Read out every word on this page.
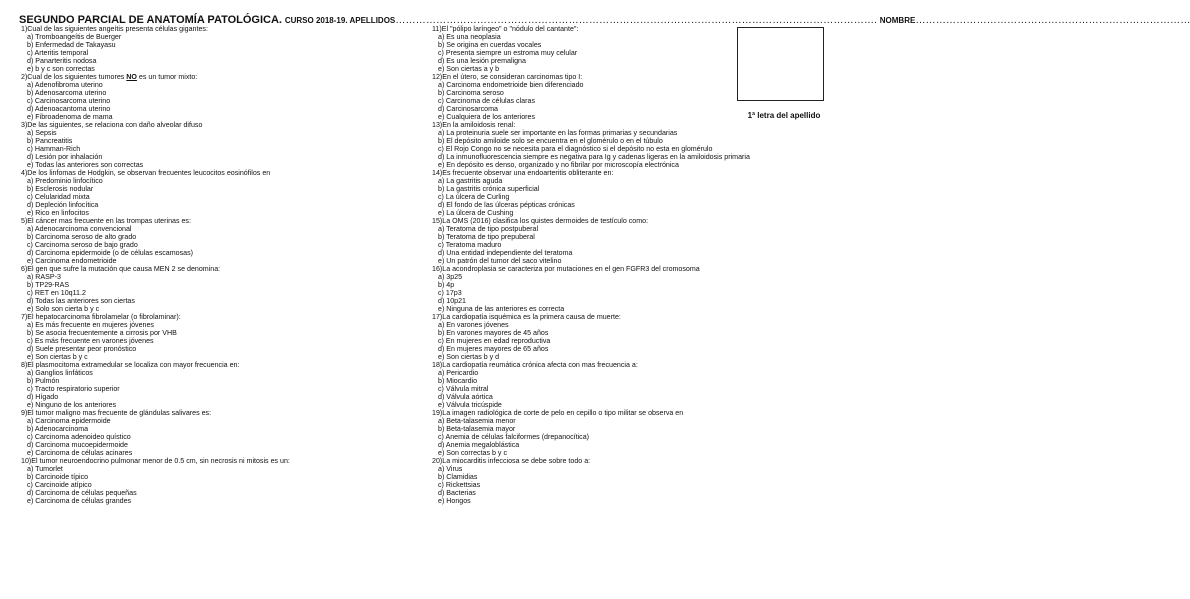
SEGUNDO PARCIAL DE ANATOMÍA PATOLÓGICA. CURSO 2018-19. APELLIDOS……………………………………………………………………………………………………………………………. NOMBRE………………………………………………………………………
1ª letra del apellido
1)Cual de las siguientes angeítis presenta células gigantes:
a) Tromboangeítis de Buerger
b) Enfermedad de Takayasu
c) Arteritis temporal
d) Panarteritis nodosa
e) b y c son correctas
2)Cual de los siguientes tumores NO es un tumor mixto:
a) Adenofibroma uterino
b) Adenosarcoma uterino
c) Carcinosarcoma uterino
d) Adenoacantoma uterino
e) Fibroadenoma de mama
3)De las siguientes, se relaciona con daño alveolar difuso
a) Sepsis
b) Pancreatitis
c) Hamman-Rich
d) Lesión por inhalación
e) Todas las anteriores son correctas
4)De los linfomas de Hodgkin, se observan frecuentes leucocitos eosinófilos en
a) Predominio linfocítico
b) Esclerosis nodular
c) Celularidad mixta
d) Depleción linfocítica
e) Rico en linfocitos
5)El cáncer mas frecuente en las trompas uterinas es:
a) Adenocarcinoma convencional
b) Carcinoma seroso de alto grado
c) Carcinoma seroso de bajo grado
d) Carcinoma epidermoide (o de células escamosas)
e) Carcinoma endometrioide
6)El gen que sufre la mutación que causa MEN 2 se denomina:
a) RASP-3
b) TP29-RAS
c) RET en 10q11.2
d) Todas las anteriores son ciertas
e) Solo son cierta b y c
7)El hepatocarcinoma fibrolamelar (o fibrolaminar):
a) Es más frecuente en mujeres jóvenes
b) Se asocia frecuentemente a cirrosis por VHB
c) Es más frecuente en varones jóvenes
d) Suele presentar peor pronóstico
e) Son ciertas b y c
8)El plasmocitoma extramedular se localiza con mayor frecuencia en:
a) Ganglios linfáticos
b) Pulmón
c) Tracto respiratorio superior
d) Hígado
e) Ninguno de los anteriores
9)El tumor maligno mas frecuente de glándulas salivares es:
a) Carcinoma epidermoide
b) Adenocarcinoma
c) Carcinoma adenoideo quístico
d) Carcinoma mucoepidermoide
e) Carcinoma de células acinares
10)El tumor neuroendocrino pulmonar menor de 0.5 cm, sin necrosis ni mitosis es un:
a) Tumorlet
b) Carcinoide típico
c) Carcinoide atípico
d) Carcinoma de células pequeñas
e) Carcinoma de células grandes
11)El "pólipo laríngeo" o "nódulo del cantante":
a) Es una neoplasia
b) Se origina en cuerdas vocales
c) Presenta siempre un estroma muy celular
d) Es una lesión premaligna
e) Son ciertas a y b
12)En el útero, se consideran carcinomas tipo I:
a) Carcinoma endometrioide bien diferenciado
b) Carcinoma seroso
c) Carcinoma de células claras
d) Carcinosarcoma
e) Cualquiera de los anteriores
13)En la amiloidosis renal:
a) La proteinuria suele ser importante en las formas primarias y secundarias
b) El depósito amiloide solo se encuentra en el glomérulo o en el túbulo
c) El Rojo Congo no se necesita para el diagnóstico si el depósito no esta en glomérulo
d) La inmunofluorescencia siempre es negativa para Ig y cadenas ligeras en la amiloidosis primaria
e) En depósito es denso, organizado y no fibrilar por microscopía electrónica
14)Es frecuente observar una endoarteritis obliterante en:
a) La gastritis aguda
b) La gastritis crónica superficial
c) La úlcera de Curling
d) El fondo de las úlceras pépticas crónicas
e) La úlcera de Cushing
15)La OMS (2016) clasifica los quistes dermoides de testículo como:
a) Teratoma de tipo postpuberal
b) Teratoma de tipo prepuberal
c) Teratoma maduro
d) Una entidad independiente del teratoma
e) Un patrón del tumor del saco vitelino
16)La acondroplasia se caracteriza por mutaciones en el gen FGFR3 del cromosoma
a) 3p25
b) 4p
c) 17p3
d) 10p21
e) Ninguna de las anteriores es correcta
17)La cardiopatía isquémica es la primera causa de muerte:
a) En varones jóvenes
b) En varones mayores de 45 años
c) En mujeres en edad reproductiva
d) En mujeres mayores de 65 años
e) Son ciertas b y d
18)La cardiopatía reumática crónica afecta con mas frecuencia a:
a) Pericardio
b) Miocardio
c) Válvula mitral
d) Válvula aórtica
e) Válvula tricúspide
19)La imagen radiológica de corte de pelo en cepillo o tipo militar se observa en
a) Beta-talasemia menor
b) Beta-talasemia mayor
c) Anemia de células falciformes (drepanocítica)
d) Anemia megaloblástica
e) Son correctas b y c
20)La miocarditis infecciosa se debe sobre todo a:
a) Virus
b) Clamidias
c) Rickettsias
d) Bacterias
e) Hongos
